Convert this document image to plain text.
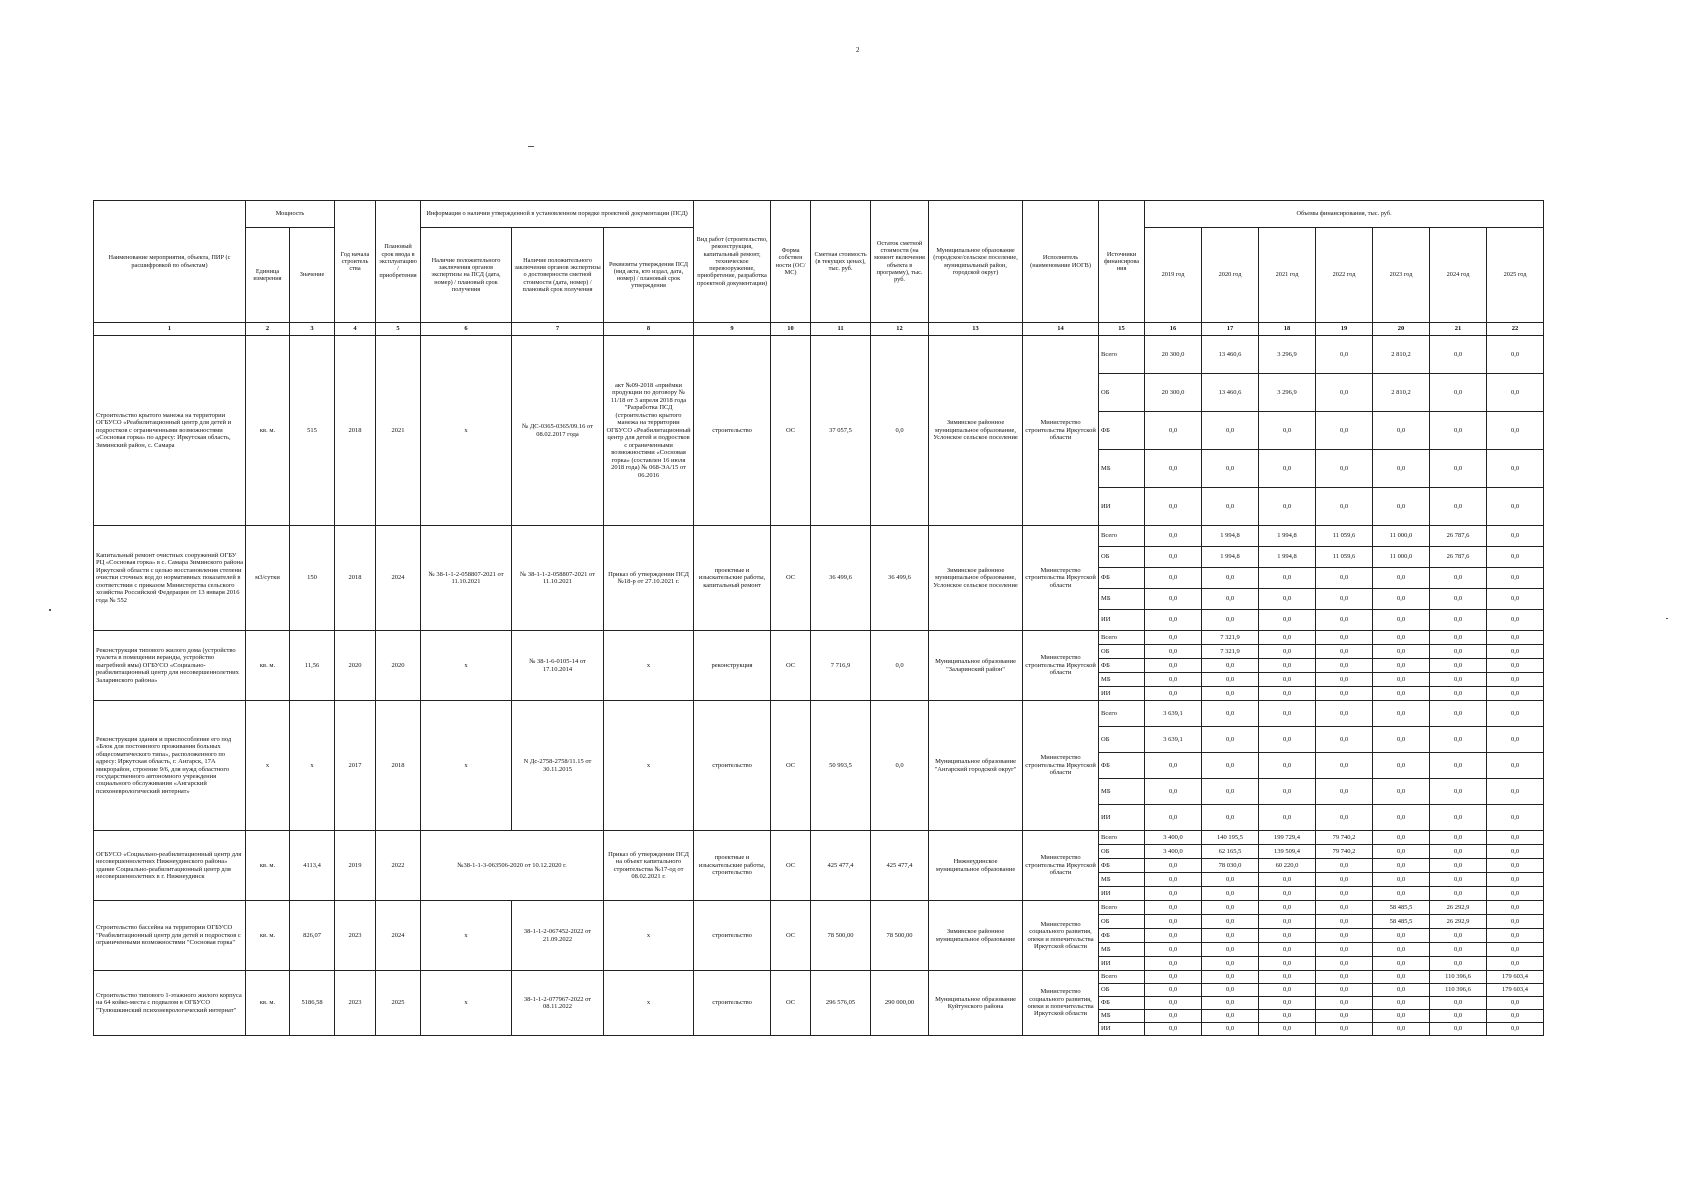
2
Наименование мероприятия, объекта, ПИР (с расшифровкой по объектам)	Мощность		Год начала строитель ства	Плановый срок ввода в эксплуатацию / приобретения	Информация о наличии утвержденной в установленном порядке проектной документации (ПСД)			Вид работ (строительство, реконструкция, капитальный ремонт, техническое перевооружение, приобретение, разработка проектной документации)	Форма собствен ности (ОС/МС)	Сметная стоимость (в текущих ценах), тыс. руб.	Остаток сметной стоимости (на момент включения объекта в программу), тыс. руб.	Муниципальное образование (городское/сельское поселение, муниципальный район, городской округ)	Исполнитель (наименование ИОГВ)	Источники финансирова ния	Объемы финансирования, тыс. руб.						
	Единица измерения	Значение			Наличие положительного заключения органов экспертизы на ПСД (дата, номер) / плановый срок получения	Наличие положительного заключения органов экспертизы о достоверности сметной стоимости (дата, номер) / плановый срок получения	Реквизиты утверждения ПСД (вид акта, кто издал, дата, номер) / плановый срок утверждения								2019 год	2020 год	2021 год	2022 год	2023 год	2024 год	2025 год
1	2	3	4	5	6	7	8	9	10	11	12	13	14	15	16	17	18	19	20	21	22
Строительство крытого манежа на территории ОГБУСО «Реабилитационный центр для детей и подростков с ограниченными возможностями «Сосновая горка» по адресу: Иркутская область, Зиминский район, с. Самара	кв. м.	515	2018	2021	х	№ ДС-0365-0365/09.16 от 08.02.2017 года	акт №09-2018 «приёмки продукции по договору № 11/18 от 3 апреля 2018 года "Разработка ПСД (строительство крытого манежа на территории ОГБУСО «Реабилитационный центр для детей и подростков с ограниченными возможностями «Сосновая горка» (составлен 16 июля 2018 года) № 068-ЭА/15 от 06.2016	строительство	ОС	37 057,5	0,0	Зиминское районное муниципальное образование, Услонское сельское поселение	Министерство строительства Иркутской области	Всего	20 300,0	13 460,6	3 296,9	0,0	2 810,2	0,0	0,0
														ОБ	20 300,0	13 460,6	3 296,9	0,0	2 810,2	0,0	0,0
														ФБ	0,0	0,0	0,0	0,0	0,0	0,0	0,0
														МБ	0,0	0,0	0,0	0,0	0,0	0,0	0,0
														ИИ	0,0	0,0	0,0	0,0	0,0	0,0	0,0
Капитальный ремонт очистных сооружений ОГБУ РЦ «Сосновая горка» в с. Самара Зиминского района Иркутской области с целью восстановления степени очистки сточных вод до нормативных показателей в соответствии с приказом Министерства сельского хозяйства Российской Федерации от 13 января 2016 года № 552	м3/сутки	150	2018	2024	№ 38-1-1-2-058807-2021 от 11.10.2021	№ 38-1-1-2-058807-2021 от 11.10.2021	Приказ об утверждении ПСД №18-р от 27.10.2021 г.	проектные и изыскательские работы, капитальный ремонт	ОС	36 499,6	36 499,6	Зиминское районное муниципальное образование, Услонское сельское поселение	Министерство строительства Иркутской области	Всего	0,0	1 994,8	1 994,8	11 059,6	11 000,0	26 787,6	0,0
														ОБ	0,0	1 994,8	1 994,8	11 059,6	11 000,0	26 787,6	0,0
														ФБ	0,0	0,0	0,0	0,0	0,0	0,0	0,0
														МБ	0,0	0,0	0,0	0,0	0,0	0,0	0,0
														ИИ	0,0	0,0	0,0	0,0	0,0	0,0	0,0
Реконструкция типового жилого дома (устройство туалета в помещении веранды, устройство выгребной ямы) ОГБУСО «Социально-реабилитационный центр для несовершеннолетних Заларинского района»	кв. м.	11,56	2020	2020	х	№ 38-1-6-0105-14 от 17.10.2014	х	реконструкция	ОС	7 716,9	0,0	Муниципальное образование "Заларинский район"	Министерство строительства Иркутской области	Всего	0,0	7 321,9	0,0	0,0	0,0	0,0	0,0
														ОБ	0,0	7 321,9	0,0	0,0	0,0	0,0	0,0
														ФБ	0,0	0,0	0,0	0,0	0,0	0,0	0,0
														МБ	0,0	0,0	0,0	0,0	0,0	0,0	0,0
														ИИ	0,0	0,0	0,0	0,0	0,0	0,0	0,0
Реконструкция здания и приспособление его под «Блок для постоянного проживания больных общесоматического типа», расположенного по адресу: Иркутская область, г. Ангарск, 17А микрорайон, строение 9/6, для нужд областного государственного автономного учреждения социального обслуживания «Ангарский психоневрологический интернат»	х	х	2017	2018	х	N Дс-2758-2758/11.15 от 30.11.2015	х	строительство	ОС	50 993,5	0,0	Муниципальное образование "Ангарский городской округ"	Министерство строительства Иркутской области	Всего	3 639,1	0,0	0,0	0,0	0,0	0,0	0,0
														ОБ	3 639,1	0,0	0,0	0,0	0,0	0,0	0,0
														ФБ	0,0	0,0	0,0	0,0	0,0	0,0	0,0
														МБ	0,0	0,0	0,0	0,0	0,0	0,0	0,0
														ИИ	0,0	0,0	0,0	0,0	0,0	0,0	0,0
ОГБУСО «Социально-реабилитационный центр для несовершеннолетних Нижнеудинского района» здание Социально-реабилитационный центр для несовершеннолетних в г. Нижнеудинск	кв. м.	4113,4	2019	2022	№38-1-1-3-063506-2020 от 10.12.2020 г.		Приказ об утверждении ПСД на объект капитального строительства №17-од от 08.02.2021 г.	проектные и изыскательские работы, строительство	ОС	425 477,4	425 477,4	Нижнеудинское муниципальное образование	Министерство строительства Иркутской области	Всего	3 400,0	140 195,5	199 729,4	79 740,2	0,0	0,0	0,0
														ОБ	3 400,0	62 165,5	139 509,4	79 740,2	0,0	0,0	0,0
														ФБ	0,0	78 030,0	60 220,0	0,0	0,0	0,0	0,0
														МБ	0,0	0,0	0,0	0,0	0,0	0,0	0,0
														ИИ	0,0	0,0	0,0	0,0	0,0	0,0	0,0
Строительство бассейна на территории ОГБУСО "Реабилитационный центр для детей и подростков с ограниченными возможностями "Сосновая горка"	кв. м.	826,07	2023	2024	х	38-1-1-2-067452-2022 от 21.09.2022	х	строительство	ОС	78 500,00	78 500,00	Зиминское районное муниципальное образование	Министерство социального развития, опеки и попечительства Иркутской области	Всего	0,0	0,0	0,0	0,0	58 485,5	26 292,9	0,0
														ОБ	0,0	0,0	0,0	0,0	58 485,5	26 292,9	0,0
														ФБ	0,0	0,0	0,0	0,0	0,0	0,0	0,0
														МБ	0,0	0,0	0,0	0,0	0,0	0,0	0,0
														ИИ	0,0	0,0	0,0	0,0	0,0	0,0	0,0
Строительство типового 1-этажного жилого корпуса на 64 койко-места с подвалом в ОГБУСО "Тулюшкинский психоневрологический интернат"	кв. м.	5186,58	2023	2025	х	38-1-1-2-077967-2022 от 08.11.2022	х	строительство	ОС	296 576,05	290 000,00	Муниципальное образование Куйтунского района	Министерство социального развития, опеки и попечительства Иркутской области	Всего	0,0	0,0	0,0	0,0	0,0	110 396,6	179 603,4
														ОБ	0,0	0,0	0,0	0,0	0,0	110 396,6	179 603,4
														ФБ	0,0	0,0	0,0	0,0	0,0	0,0	0,0
														МБ	0,0	0,0	0,0	0,0	0,0	0,0	0,0
														ИИ	0,0	0,0	0,0	0,0	0,0	0,0	0,0
